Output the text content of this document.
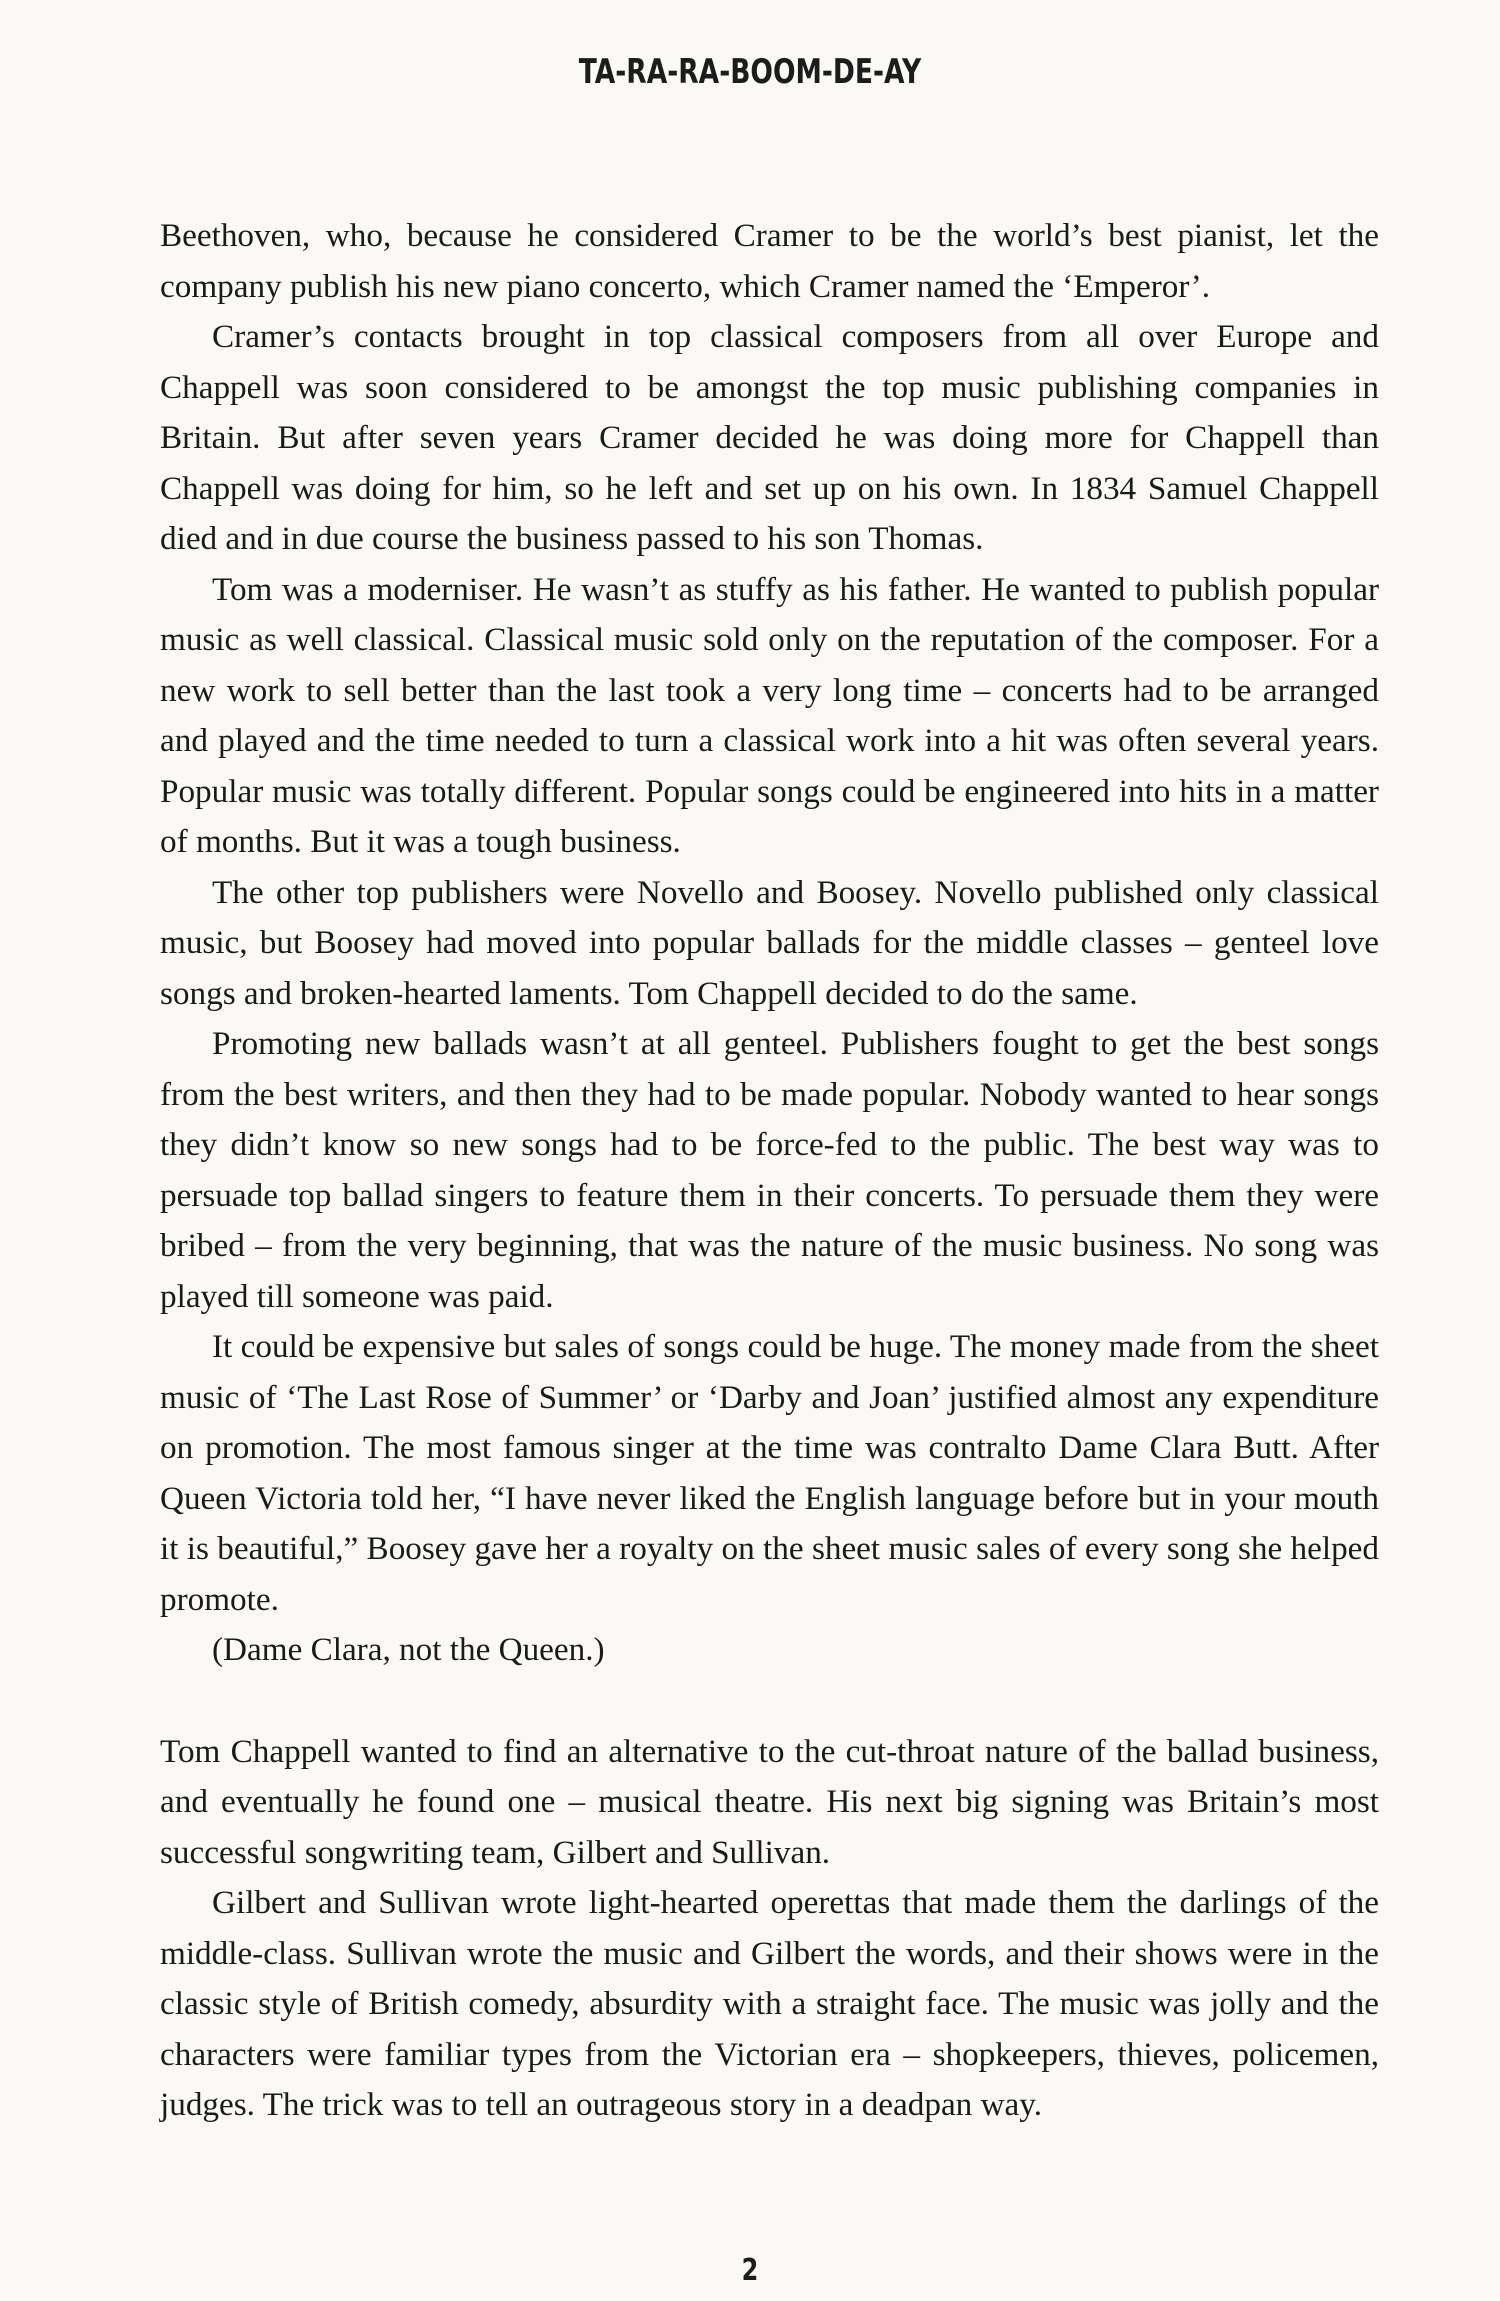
TA-RA-RA-BOOM-DE-AY

Beethoven, who, because he considered Cramer to be the world’s best pianist, let the company publish his new piano concerto, which Cramer named the ‘Emperor’.

Cramer’s contacts brought in top classical composers from all over Europe and Chappell was soon considered to be amongst the top music publishing companies in Britain. But after seven years Cramer decided he was doing more for Chappell than Chappell was doing for him, so he left and set up on his own. In 1834 Samuel Chappell died and in due course the business passed to his son Thomas.

Tom was a moderniser. He wasn’t as stuffy as his father. He wanted to publish popular music as well classical. Classical music sold only on the reputation of the composer. For a new work to sell better than the last took a very long time – concerts had to be arranged and played and the time needed to turn a classical work into a hit was often several years. Popular music was totally different. Popular songs could be engineered into hits in a matter of months. But it was a tough business.

The other top publishers were Novello and Boosey. Novello published only classical music, but Boosey had moved into popular ballads for the middle classes – genteel love songs and broken-hearted laments. Tom Chappell decided to do the same.

Promoting new ballads wasn’t at all genteel. Publishers fought to get the best songs from the best writers, and then they had to be made popular. Nobody wanted to hear songs they didn’t know so new songs had to be force-fed to the public. The best way was to persuade top ballad singers to feature them in their concerts. To persuade them they were bribed – from the very beginning, that was the nature of the music business. No song was played till someone was paid.

It could be expensive but sales of songs could be huge. The money made from the sheet music of ‘The Last Rose of Summer’ or ‘Darby and Joan’ justified almost any expenditure on promotion. The most famous singer at the time was contralto Dame Clara Butt. After Queen Victoria told her, “I have never liked the English language before but in your mouth it is beautiful,” Boosey gave her a royalty on the sheet music sales of every song she helped promote.

(Dame Clara, not the Queen.)

Tom Chappell wanted to find an alternative to the cut-throat nature of the ballad business, and eventually he found one – musical theatre. His next big signing was Britain’s most successful songwriting team, Gilbert and Sullivan.

Gilbert and Sullivan wrote light-hearted operettas that made them the darlings of the middle-class. Sullivan wrote the music and Gilbert the words, and their shows were in the classic style of British comedy, absurdity with a straight face. The music was jolly and the characters were familiar types from the Victorian era – shopkeepers, thieves, policemen, judges. The trick was to tell an outrageous story in a deadpan way.

2
